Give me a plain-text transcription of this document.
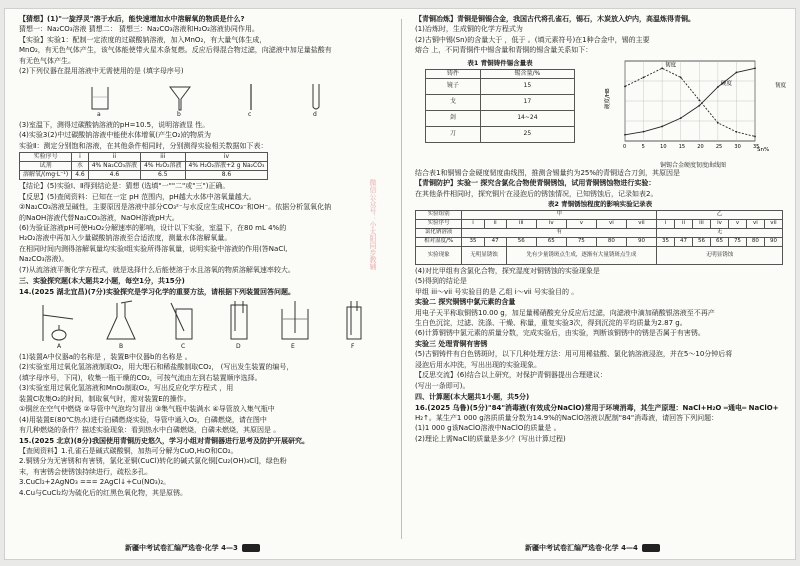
【猜想】(1)"一旋浮灵"溶于水后，能快速增加水中溶解氧的物质是什么?

猜想一：Na₂CO₃溶液 猜想二： 猜想三：Na₂CO₃溶液和H₂O₂溶液协同作用。

【实验】实验1：配制一定浓度的过碳酸钠溶液，加入MnO₂，有大量气体生成，

MnO₂，有无色气体产生，该气体能使带火星木条复燃。反应后得混合物过滤，向滤液中加足量盐酸有

有无色气体产生。

(2)下列仪器在混用溶液中无需使用的是 (填字母序号)

a	b	c	d

(3)室温下，测得过碳酸钠溶液的pH=10.5，说明溶液显 性。

(4)实验3(2)中过碳酸钠溶液中能使水体增氧(产生O₂)的物质为

实验Ⅱ：测定分别饱和溶液，在其他条件相同时，分别测得实验相关数据如下表：

实验序号	i	ii	iii	iv
试剂	水	4% Na₂CO₃溶液	4% H₂O₂溶液	4% H₂O₂溶液+2 g Na₂CO₃
溶解氧/(mg·L⁻¹)	4.6	4.6	6.5	8.6

【结论】(5)实验Ⅰ、Ⅱ得到结论是：猜想 (选填"一""二"或"三")正确。

【反思】(5)查阅资料：已知在一定 pH 范围内，pH越大水体中溶氧量越大。

②Na₂CO₃溶液呈碱性，主要原因是溶液中部分CO₃²⁻与水反应生成HCO₃⁻和OH⁻。依据分析氢氧化钠

的NaOH溶液代替Na₂CO₃溶液，NaOH溶液pH大。

(6)为验证溶液pH可使H₂O₂分解速率的影响，设计以下实验，室温下，在80 mL 4%的

H₂O₂溶液中再加入少量碳酸钠溶液至合适浓度，测量水体溶解氧量。

在相同时间内测得溶解氧量均实验Ⅰ组实验所得溶氧量，说明实验中溶液的作用(答NaCl,

Na₂CO₃溶液)。

(7)从流溶液平衡化学方程式，就是选择什么后能使溶于水且溶氧的物质溶解氧速率较大。

三、实验探究题(本大题共2小题，每空1分，共15分)

14.(2025 湖北宜昌)(7分)实验探究是学习化学的重要方法，请根据下列装置回答问题。

A	B	C	D	E	F

(1)装置A中仪器a的名称是 ，装置B中仪器b的名称是 。

(2)实验室用过氧化氢溶液制取O₂，用大理石和稀盐酸制取CO₂， (写出发生装置的编号，

(填字母序号，下同)，收集一瓶干燥的CO₂，可按气流由左到右装置顺序选择。

(3)实验室用过氧化氢溶液和MnO₂制取O₂，写出反应化学方程式 ，用

装置C收集O₂的时间，制取氧气时，需对装置E的操作。

①铜丝在空气中燃烧 ②导管中气泡均匀冒出 ③集气瓶中装满水 ④导管放入集气瓶中

(4)用装置E(80℃热水)进行白磷燃烧实验，导管中通入O₂，白磷燃烧，请在图中

有几种燃烧的条件？描述实验现象：看到热水中白磷燃烧，白磷未燃烧，其原因是 。

15.(2025 北京)(8分)我国使用青铜历史悠久，学习小组对青铜器进行思考及防护开展研究。

【查阅资料】1.孔雀石是碱式碳酸铜，加热可分解为CuO,H₂O和CO₂。

2.铜锈分为无害锈和有害锈，氯化亚铜(CuCl)转化的碱式氯化铜[Cu₂(OH)₃Cl]，绿色粉

末，有害锈会使锈蚀持续进行，疏松多孔。

3.CuCl₂+2AgNO₃ === 2AgCl↓+Cu(NO₃)₂。

4.Cu与CuCl₂均为硫化后的红黑色氧化物，其是原锈。

微信公众号：小太阳同步教辅

【青铜冶炼】青铜是铜锡合金，我国古代将孔雀石，锡石，木炭放入炉内，高温炼得青铜。

(1)冶炼时，生成铜的化学方程式为

(2)古铜中锡(Sn)的含量大于 ，低于 。(填元素符号)在1种合金中，锡的主要

熔合 上，不同青铜件中锡含量和青铜的锡含量关系如下：

表1 青铜铸件锡含量表

铸件	锡含量/%
镜子	15
戈	17
剑	14~24
刀	25
硬度
韧度
0	5	10 15 20 25 30 35
硬度/HB
韧度
Sn%

铜锡合金硬度韧度曲线图

结合表1和铜锡合金硬度韧度曲线图，推测含锡量约为25%的青铜适合刀剑，其原因是

【青铜防护】实验一 探究含氯化合物使青铜锈蚀，试用青铜锈蚀物进行实验：

在其他条件相同时，探究铜片在浸泡后的锈蚀情况，已知锈蚀后，记录如表2。

表2 青铜锈蚀程度的影响实验记录表

实验组别	甲							乙						
实验序号	i	ii	iii	iv	v	vi	vii	i	ii	iii	iv	v	vi	vii
氯化钠溶液	有							无						
相对湿度/%	35	47	56	65	75	80	90	35	47	56	65	75	80	90
实验现象	无明显锈蚀		先有少量锈斑点生成，逐渐有大量锈斑点生成					无明显锈蚀						

(4)对比甲组有含氯化合物，探究湿度对铜锈蚀的实验现象是

(5)得到的结论是

甲组 iii～vii 号实验目的是 乙组 i～vii 号实验目的 。

实验二 探究铜锈中氯元素的含量

用电子天平称取铜锈10.00 g，加足量稀硝酸充分反应后过滤，向滤液中滴加硝酸银溶液至不再产

生白色沉淀，过滤、洗涤、干燥、称量，重复实验3次，得到沉淀的平均质量为2.87 g。

(6)计算铜锈中氯元素的质量分数，完成实验后，由实验，判断该铜锈中的锈是否属于有害锈。

实验三 处理青铜有害锈

(5)古铜铸件有白色锈斑时，以下几种处理方法：用可用稀盐酸、氯化钠溶液浸泡，并在5～10分钟后将

浸泡后用水冲洗，写出出现的实验现象。

【反思交流】(6)结合以上研究，对保护青铜器提出合理建议：

(写出一条即可)。

四、计算题(本大题共1小题，共5分)

16.(2025 乌鲁)(5分)"84"消毒液(有效成分NaClO)常用于环境消毒，其生产原理：NaCl+H₂O ═通电═ NaClO+

H₂↑。某生产1 000 g溶质质量分数为14.9%的NaClO溶液以配制"84"消毒液，请回答下列问题：

(1)1 000 g该NaClO溶液中NaClO的质量是 。

(2)理论上需NaCl的质量是多少？(写出计算过程)

新疆中考试卷汇编严选卷·化学 4—3	新疆中考试卷汇编严选卷·化学 4—4
